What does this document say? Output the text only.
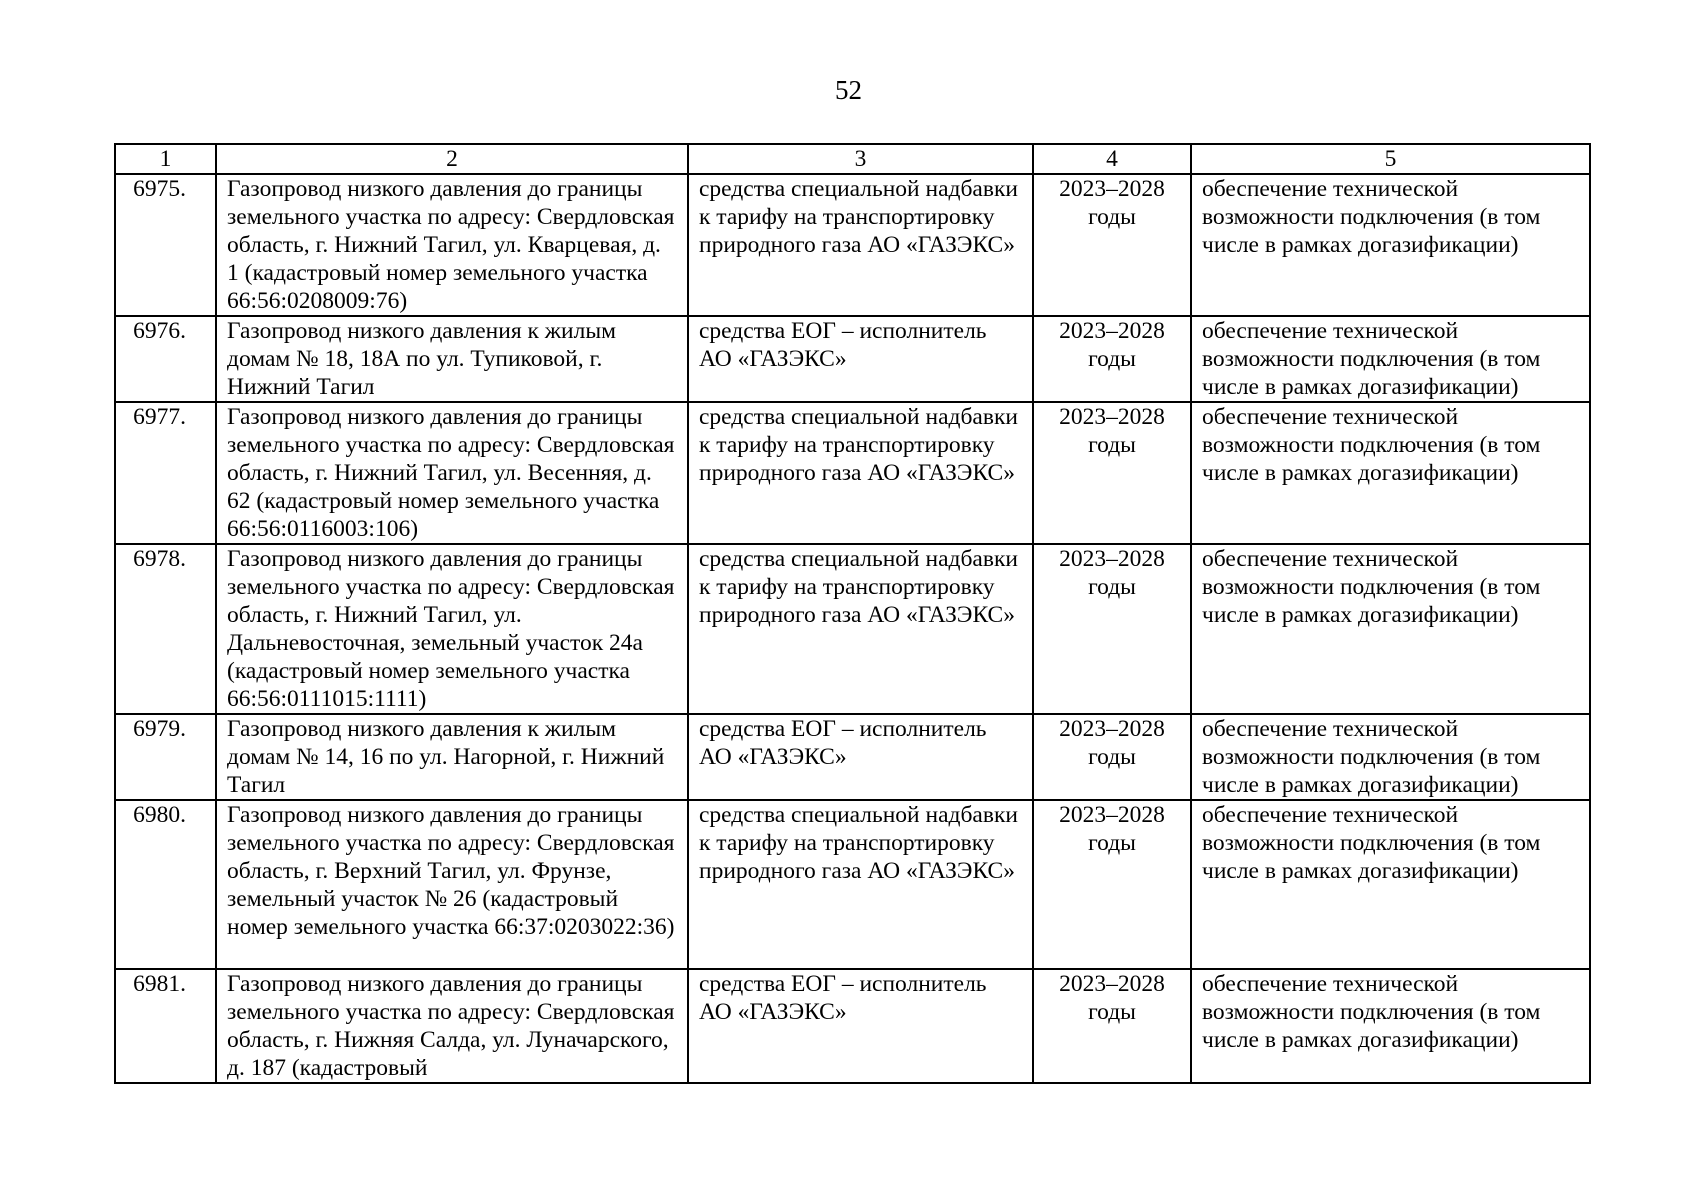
52
1	2	3	4	5
6975.	Газопровод низкого давления до границы земельного участка по адресу: Свердловская область, г. Нижний Тагил, ул. Кварцевая, д. 1 (кадастровый номер земельного участка 66:56:0208009:76)	средства специальной надбавки к тарифу на транспортировку природного газа АО «ГАЗЭКС»	2023–2028 годы	обеспечение технической возможности подключения (в том числе в рамках догазификации)
6976.	Газопровод низкого давления к жилым домам № 18, 18А по ул. Тупиковой, г. Нижний Тагил	средства ЕОГ – исполнитель АО «ГАЗЭКС»	2023–2028 годы	обеспечение технической возможности подключения (в том числе в рамках догазификации)
6977.	Газопровод низкого давления до границы земельного участка по адресу: Свердловская область, г. Нижний Тагил, ул. Весенняя, д. 62 (кадастровый номер земельного участка 66:56:0116003:106)	средства специальной надбавки к тарифу на транспортировку природного газа АО «ГАЗЭКС»	2023–2028 годы	обеспечение технической возможности подключения (в том числе в рамках догазификации)
6978.	Газопровод низкого давления до границы земельного участка по адресу: Свердловская область, г. Нижний Тагил, ул. Дальневосточная, земельный участок 24а (кадастровый номер земельного участка 66:56:0111015:1111)	средства специальной надбавки к тарифу на транспортировку природного газа АО «ГАЗЭКС»	2023–2028 годы	обеспечение технической возможности подключения (в том числе в рамках догазификации)
6979.	Газопровод низкого давления к жилым домам № 14, 16 по ул. Нагорной, г. Нижний Тагил	средства ЕОГ – исполнитель АО «ГАЗЭКС»	2023–2028 годы	обеспечение технической возможности подключения (в том числе в рамках догазификации)
6980.	Газопровод низкого давления до границы земельного участка по адресу: Свердловская область, г. Верхний Тагил, ул. Фрунзе, земельный участок № 26 (кадастровый номер земельного участка 66:37:0203022:36)	средства специальной надбавки к тарифу на транспортировку природного газа АО «ГАЗЭКС»	2023–2028 годы	обеспечение технической возможности подключения (в том числе в рамках догазификации)
6981.	Газопровод низкого давления до границы земельного участка по адресу: Свердловская область, г. Нижняя Салда, ул. Луначарского, д. 187 (кадастровый	средства ЕОГ – исполнитель АО «ГАЗЭКС»	2023–2028 годы	обеспечение технической возможности подключения (в том числе в рамках догазификации)
